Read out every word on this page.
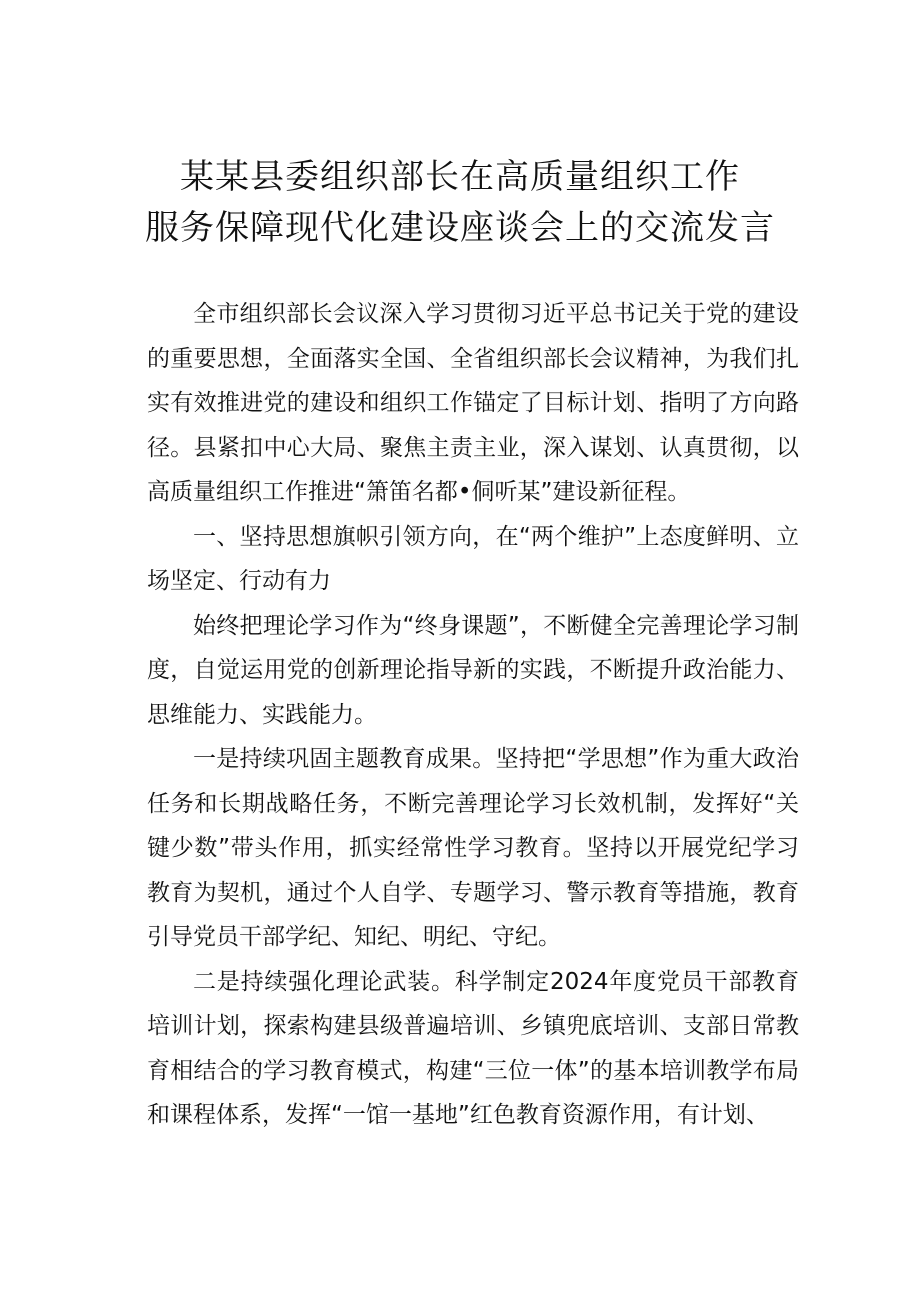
某某县委组织部长在高质量组织工作
服务保障现代化建设座谈会上的交流发言

全市组织部长会议深入学习贯彻习近平总书记关于党的建设的重要思想，全面落实全国、全省组织部长会议精神，为我们扎实有效推进党的建设和组织工作锚定了目标计划、指明了方向路径。县紧扣中心大局、聚焦主责主业，深入谋划、认真贯彻，以高质量组织工作推进“箫笛名都•侗听某”建设新征程。

一、坚持思想旗帜引领方向，在“两个维护”上态度鲜明、立场坚定、行动有力

始终把理论学习作为“终身课题”，不断健全完善理论学习制度，自觉运用党的创新理论指导新的实践，不断提升政治能力、思维能力、实践能力。

一是持续巩固主题教育成果。坚持把“学思想”作为重大政治任务和长期战略任务，不断完善理论学习长效机制，发挥好“关键少数”带头作用，抓实经常性学习教育。坚持以开展党纪学习教育为契机，通过个人自学、专题学习、警示教育等措施，教育引导党员干部学纪、知纪、明纪、守纪。

二是持续强化理论武装。科学制定2024年度党员干部教育培训计划，探索构建县级普遍培训、乡镇兜底培训、支部日常教育相结合的学习教育模式，构建“三位一体”的基本培训教学布局和课程体系，发挥“一馆一基地”红色教育资源作用，有计划、
